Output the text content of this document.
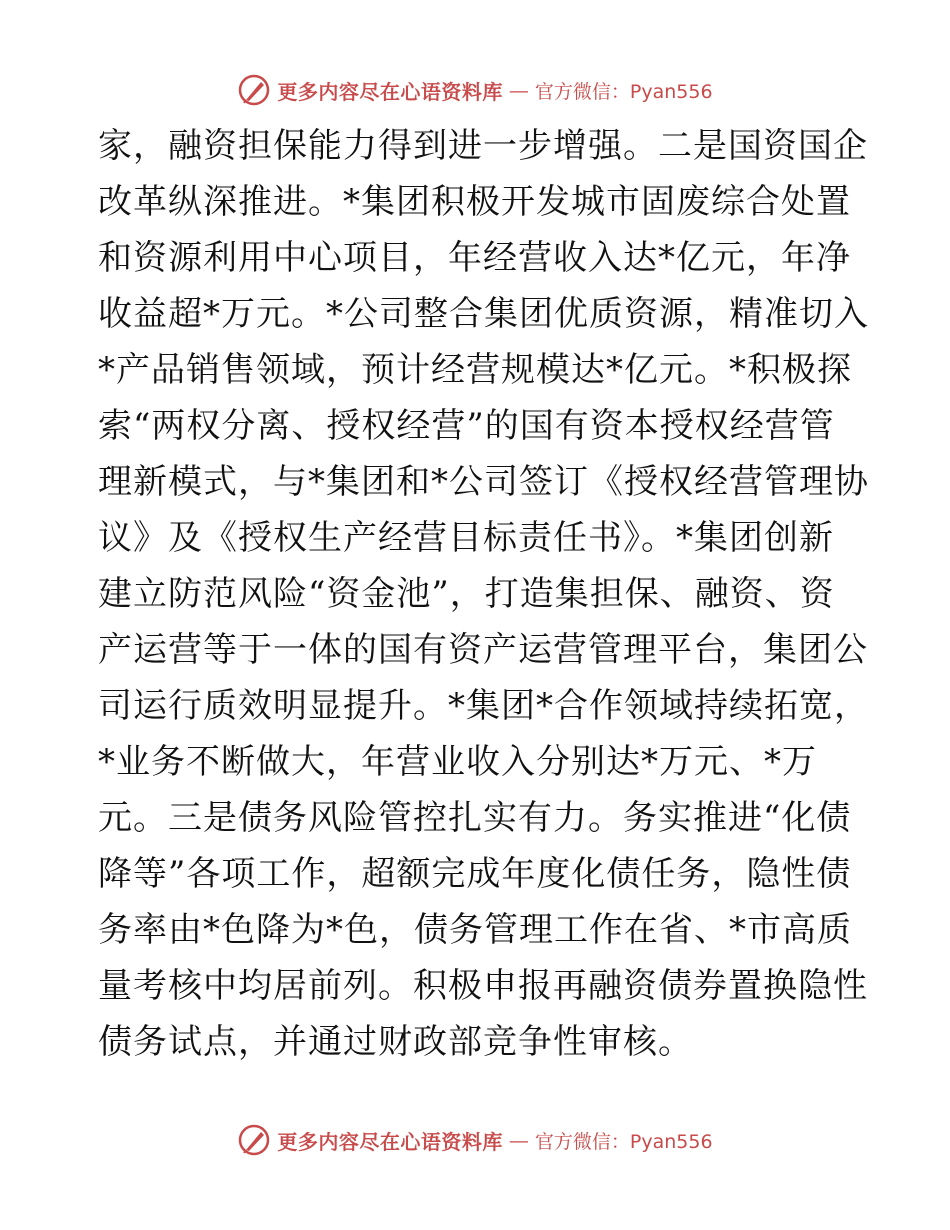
更多内容尽在心语资料库 — 官方微信：Pyan556
家，融资担保能力得到进一步增强。二是国资国企
改革纵深推进。*集团积极开发城市固废综合处置
和资源利用中心项目，年经营收入达*亿元，年净
收益超*万元。*公司整合集团优质资源，精准切入
*产品销售领域，预计经营规模达*亿元。*积极探
索“两权分离、授权经营”的国有资本授权经营管
理新模式，与*集团和*公司签订《授权经营管理协
议》及《授权生产经营目标责任书》。*集团创新
建立防范风险“资金池”，打造集担保、融资、资
产运营等于一体的国有资产运营管理平台，集团公
司运行质效明显提升。*集团*合作领域持续拓宽，
*业务不断做大，年营业收入分别达*万元、*万
元。三是债务风险管控扎实有力。务实推进“化债
降等”各项工作，超额完成年度化债任务，隐性债
务率由*色降为*色，债务管理工作在省、*市高质
量考核中均居前列。积极申报再融资债券置换隐性
债务试点，并通过财政部竞争性审核。
更多内容尽在心语资料库 — 官方微信：Pyan556
